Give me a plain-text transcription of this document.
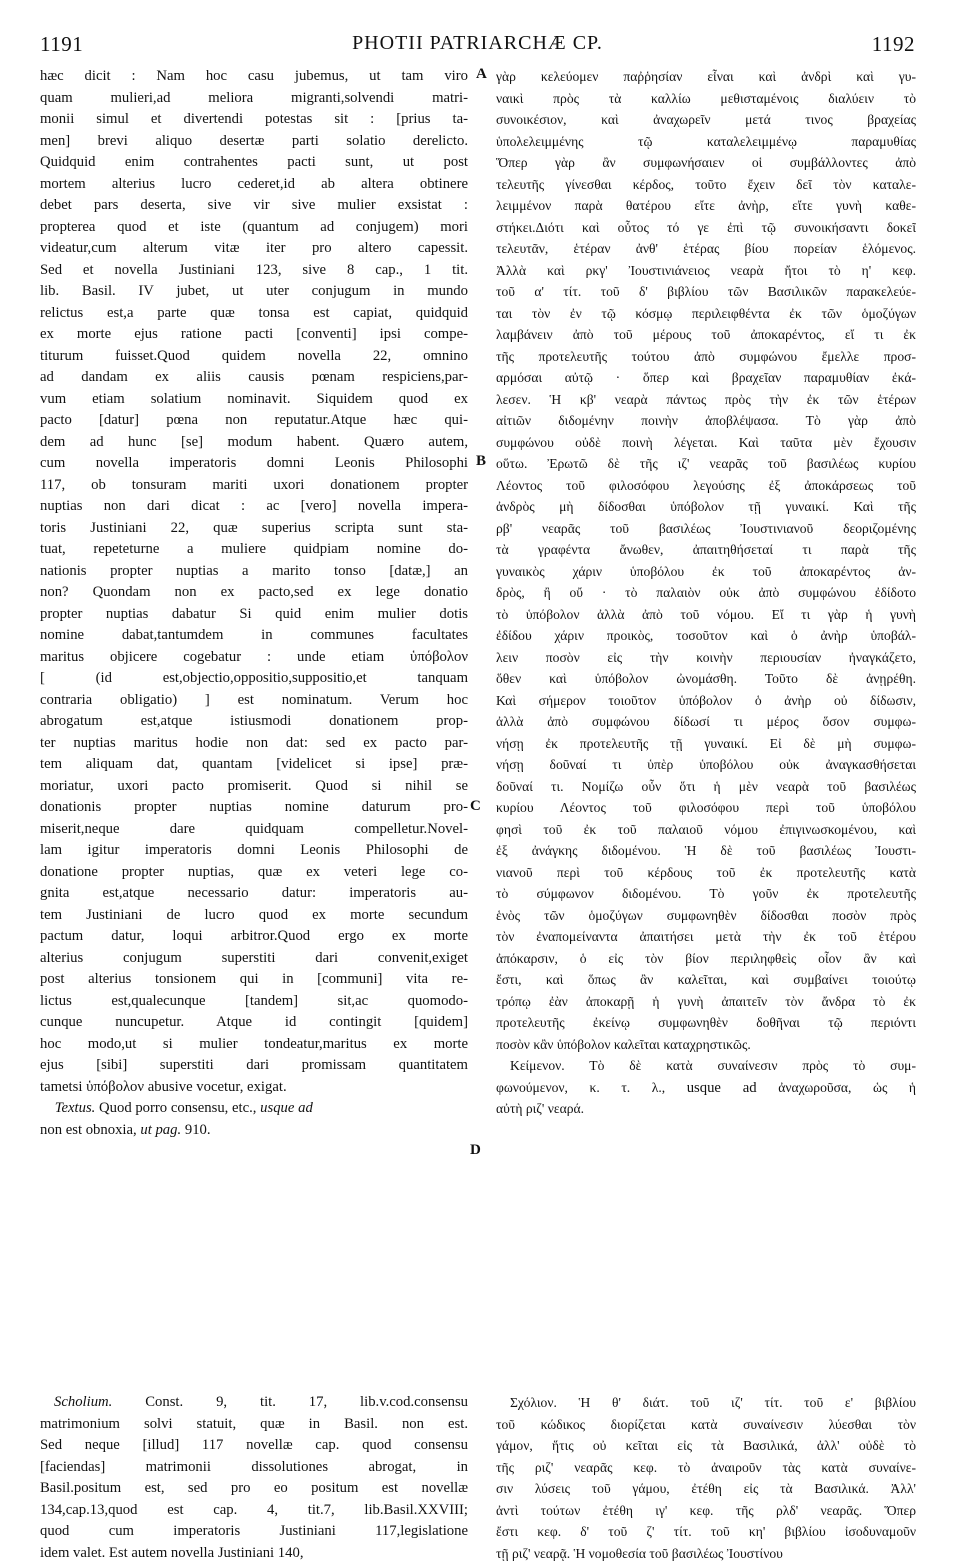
1191	PHOTII PATRIARCHÆ CP.	1192
A
B
C
D
hæc dicit : Nam hoc casu jubemus, ut tam viro
quam mulieri,ad meliora migranti,solvendi matri-
monii simul et divertendi potestas sit : [prius ta-
men] brevi aliquo desertæ parti solatio derelicto.
Quidquid enim contrahentes pacti sunt, ut post
mortem alterius lucro cederet,id ab altera obtinere
debet pars deserta, sive vir sive mulier exsistat :
propterea quod et iste (quantum ad conjugem) mori
videatur,cum alterum vitæ iter pro altero capessit.
Sed et novella Justiniani 123, sive 8 cap., 1 tit.
lib. Basil. IV jubet, ut uter conjugum in mundo
relictus est,a parte quæ tonsa est capiat, quidquid
ex morte ejus ratione pacti [conventi] ipsi compe-
titurum fuisset.Quod quidem novella 22, omnino
ad dandam ex aliis causis pœnam respiciens,par-
vum etiam solatium nominavit. Siquidem quod ex
pacto [datur] pœna non reputatur.Atque hæc qui-
dem ad hunc [se] modum habent. Quæro autem,
cum novella imperatoris domni Leonis Philosophi
117, ob tonsuram mariti uxori donationem propter
nuptias non dari dicat : ac [vero] novella impera-
toris Justiniani 22, quæ superius scripta sunt sta-
tuat, repeteturne a muliere quidpiam nomine do-
nationis propter nuptias a marito tonso [datæ,] an
non? Quondam non ex pacto,sed ex lege donatio
propter nuptias dabatur Si quid enim mulier dotis
nomine dabat,tantumdem in communes facultates
maritus objicere cogebatur : unde etiam ὑπόβολον
[ (id est,objectio,oppositio,suppositio,et tanquam
contraria obligatio) ] est nominatum. Verum hoc
abrogatum est,atque istiusmodi donationem prop-
ter nuptias maritus hodie non dat: sed ex pacto par-
tem aliquam dat, quantam [videlicet si ipse] præ-
moriatur, uxori pacto promiserit. Quod si nihil se
donationis propter nuptias nomine daturum pro-
miserit,neque dare quidquam compelletur.Novel-
lam igitur imperatoris domni Leonis Philosophi de
donatione propter nuptias, quæ ex veteri lege co-
gnita est,atque necessario datur: imperatoris au-
tem Justiniani de lucro quod ex morte secundum
pactum datur, loqui arbitror.Quod ergo ex morte
alterius conjugum superstiti dari convenit,exiget
post alterius tonsionem qui in [communi] vita re-
lictus est,qualecunque [tandem] sit,ac quomodo-
cunque nuncupetur. Atque id contingit [quidem]
hoc modo,ut si mulier tondeatur,maritus ex morte
ejus [sibi] superstiti dari promissam quantitatem
tametsi ὑπόβολον abusive vocetur, exigat.
Textus. Quod porro consensu, etc., usque ad
non est obnoxia, ut pag. 910.
γὰρ κελεύομεν παῤῥησίαν εἶναι καὶ ἀνδρὶ καὶ γυ-
ναικὶ πρὸς τὰ καλλίω μεθισταμένοις διαλύειν τὸ
συνοικέσιον, καὶ ἀναχωρεῖν μετά τινος βραχείας
ὑπολελειμμένης τῷ καταλελειμμένῳ παραμυθίας
Ὅπερ γὰρ ἂν συμφωνήσαιεν οἱ συμβάλλοντες ἀπὸ
τελευτῆς γίνεσθαι κέρδος, τοῦτο ἔχειν δεῖ τὸν καταλε-
λειμμένον παρὰ θατέρου εἴτε ἀνὴρ, εἴτε γυνὴ καθε-
στήκει.Διότι καὶ οὗτος τό γε ἐπὶ τῷ συνοικήσαντι δοκεῖ
τελευτᾶν, ἑτέραν ἀνθ' ἑτέρας βίου πορείαν ἑλόμενος.
Ἀλλὰ καὶ ρκγ' Ἰουστινιάνειος νεαρὰ ἤτοι τὸ η' κεφ.
τοῦ α' τίτ. τοῦ δ' βιβλίου τῶν Βασιλικῶν παρακελεύε-
ται τὸν ἐν τῷ κόσμῳ περιλειφθέντα ἐκ τῶν ὁμοζύγων
λαμβάνειν ἀπὸ τοῦ μέρους τοῦ ἀποκαρέντος, εἴ τι ἐκ
τῆς προτελευτῆς τούτου ἀπὸ συμφώνου ἔμελλε προσ-
αρμόσαι αὐτῷ · ὅπερ καὶ βραχεῖαν παραμυθίαν ἐκά-
λεσεν. Ἡ κβ' νεαρὰ πάντως πρὸς τὴν ἐκ τῶν ἑτέρων
αἰτιῶν διδομένην ποινὴν ἀποβλέψασα. Τὸ γὰρ ἀπὸ
συμφώνου οὐδὲ ποινὴ λέγεται. Καὶ ταῦτα μὲν ἔχουσιν
οὕτω. Ἐρωτῶ δὲ τῆς ιζ' νεαρᾶς τοῦ βασιλέως κυρίου
Λέοντος τοῦ φιλοσόφου λεγούσης ἐξ ἀποκάρσεως τοῦ
ἀνδρὸς μὴ δίδοσθαι ὑπόβολον τῇ γυναικί. Καὶ τῆς
ρβ' νεαρᾶς τοῦ βασιλέως Ἰουστινιανοῦ δεοριζομένης
τὰ γραφέντα ἄνωθεν, ἀπαιτηθήσεταί τι παρὰ τῆς
γυναικὸς χάριν ὑποβόλου ἐκ τοῦ ἀποκαρέντος ἀν-
δρὸς, ἢ οὔ · τὸ παλαιὸν οὐκ ἀπὸ συμφώνου ἐδίδοτο
τὸ ὑπόβολον ἀλλὰ ἀπὸ τοῦ νόμου. Εἴ τι γὰρ ἡ γυνὴ
ἐδίδου χάριν προικὸς, τοσοῦτον καὶ ὁ ἀνὴρ ὑποβάλ-
λειν ποσὸν εἰς τὴν κοινὴν περιουσίαν ἠναγκάζετο,
ὅθεν καὶ ὑπόβολον ὠνομάσθη. Τοῦτο δὲ ἀνῃρέθη.
Καὶ σήμερον τοιοῦτον ὑπόβολον ὁ ἀνὴρ οὐ δίδωσιν,
ἀλλὰ ἀπὸ συμφώνου δίδωσί τι μέρος ὅσον συμφω-
νήσῃ ἐκ προτελευτῆς τῇ γυναικί. Εἰ δὲ μὴ συμφω-
νήσῃ δοῦναί τι ὑπὲρ ὑποβόλου οὐκ ἀναγκασθήσεται
δοῦναί τι. Νομίζω οὖν ὅτι ἡ μὲν νεαρὰ τοῦ βασιλέως
κυρίου Λέοντος τοῦ φιλοσόφου περὶ τοῦ ὑποβόλου
φησὶ τοῦ ἐκ τοῦ παλαιοῦ νόμου ἐπιγινωσκομένου, καὶ
ἐξ ἀνάγκης διδομένου. Ἡ δὲ τοῦ βασιλέως Ἰουστι-
νιανοῦ περὶ τοῦ κέρδους τοῦ ἐκ προτελευτῆς κατὰ
τὸ σύμφωνον διδομένου. Τὸ γοῦν ἐκ προτελευτῆς
ἑνὸς τῶν ὁμοζύγων συμφωνηθὲν δίδοσθαι ποσὸν πρὸς
τὸν ἐναπομείναντα ἀπαιτήσει μετὰ τὴν ἐκ τοῦ ἑτέρου
ἀπόκαρσιν, ὁ εἰς τὸν βίον περιληφθεὶς οἷον ἂν καὶ
ἔστι, καὶ ὅπως ἂν καλεῖται, καὶ συμβαίνει τοιούτῳ
τρόπῳ ἐὰν ἀποκαρῇ ἡ γυνὴ ἀπαιτεῖν τὸν ἄνδρα τὸ ἐκ
προτελευτῆς ἐκείνῳ συμφωνηθὲν δοθῆναι τῷ περιόντι
ποσὸν κἂν ὑπόβολον καλεῖται καταχρηστικῶς.
Κείμενον. Τὸ δὲ κατὰ συναίνεσιν πρὸς τὸ συμ-
φωνούμενον, κ. τ. λ., usque ad ἀναχωροῦσα, ὡς ἡ
αὐτὴ ριζ' νεαρά.
Scholium. Const. 9, tit. 17, lib.v.cod.consensu
matrimonium solvi statuit, quæ in Basil. non est.
Sed neque [illud] 117 novellæ cap. quod consensu
[faciendas] matrimonii dissolutiones abrogat, in
Basil.positum est, sed pro eo positum est novellæ
134,cap.13,quod est cap. 4, tit.7, lib.Basil.XXVIII;
quod cum imperatoris Justiniani 117,legislatione
idem valet. Est autem novella Justiniani 140,
Σχόλιον. Ἡ θ' διάτ. τοῦ ιζ' τίτ. τοῦ ε' βιβλίου
τοῦ κώδικος διορίζεται κατὰ συναίνεσιν λύεσθαι τὸν
γάμον, ἥτις οὐ κεῖται εἰς τὰ Βασιλικά, ἀλλ' οὐδὲ τὸ
τῆς ριζ' νεαρᾶς κεφ. τὸ ἀναιροῦν τὰς κατὰ συναίνε-
σιν λύσεις τοῦ γάμου, ἐτέθη εἰς τὰ Βασιλικά. Ἀλλ'
ἀντὶ τούτων ἐτέθη ιγ' κεφ. τῆς ρλδ' νεαρᾶς. Ὅπερ
ἔστι κεφ. δ' τοῦ ζ' τίτ. τοῦ κη' βιβλίου ἰσοδυναμοῦν
τῇ ριζ' νεαρᾷ. Ἡ νομοθεσία τοῦ βασιλέως Ἰουστίνου
